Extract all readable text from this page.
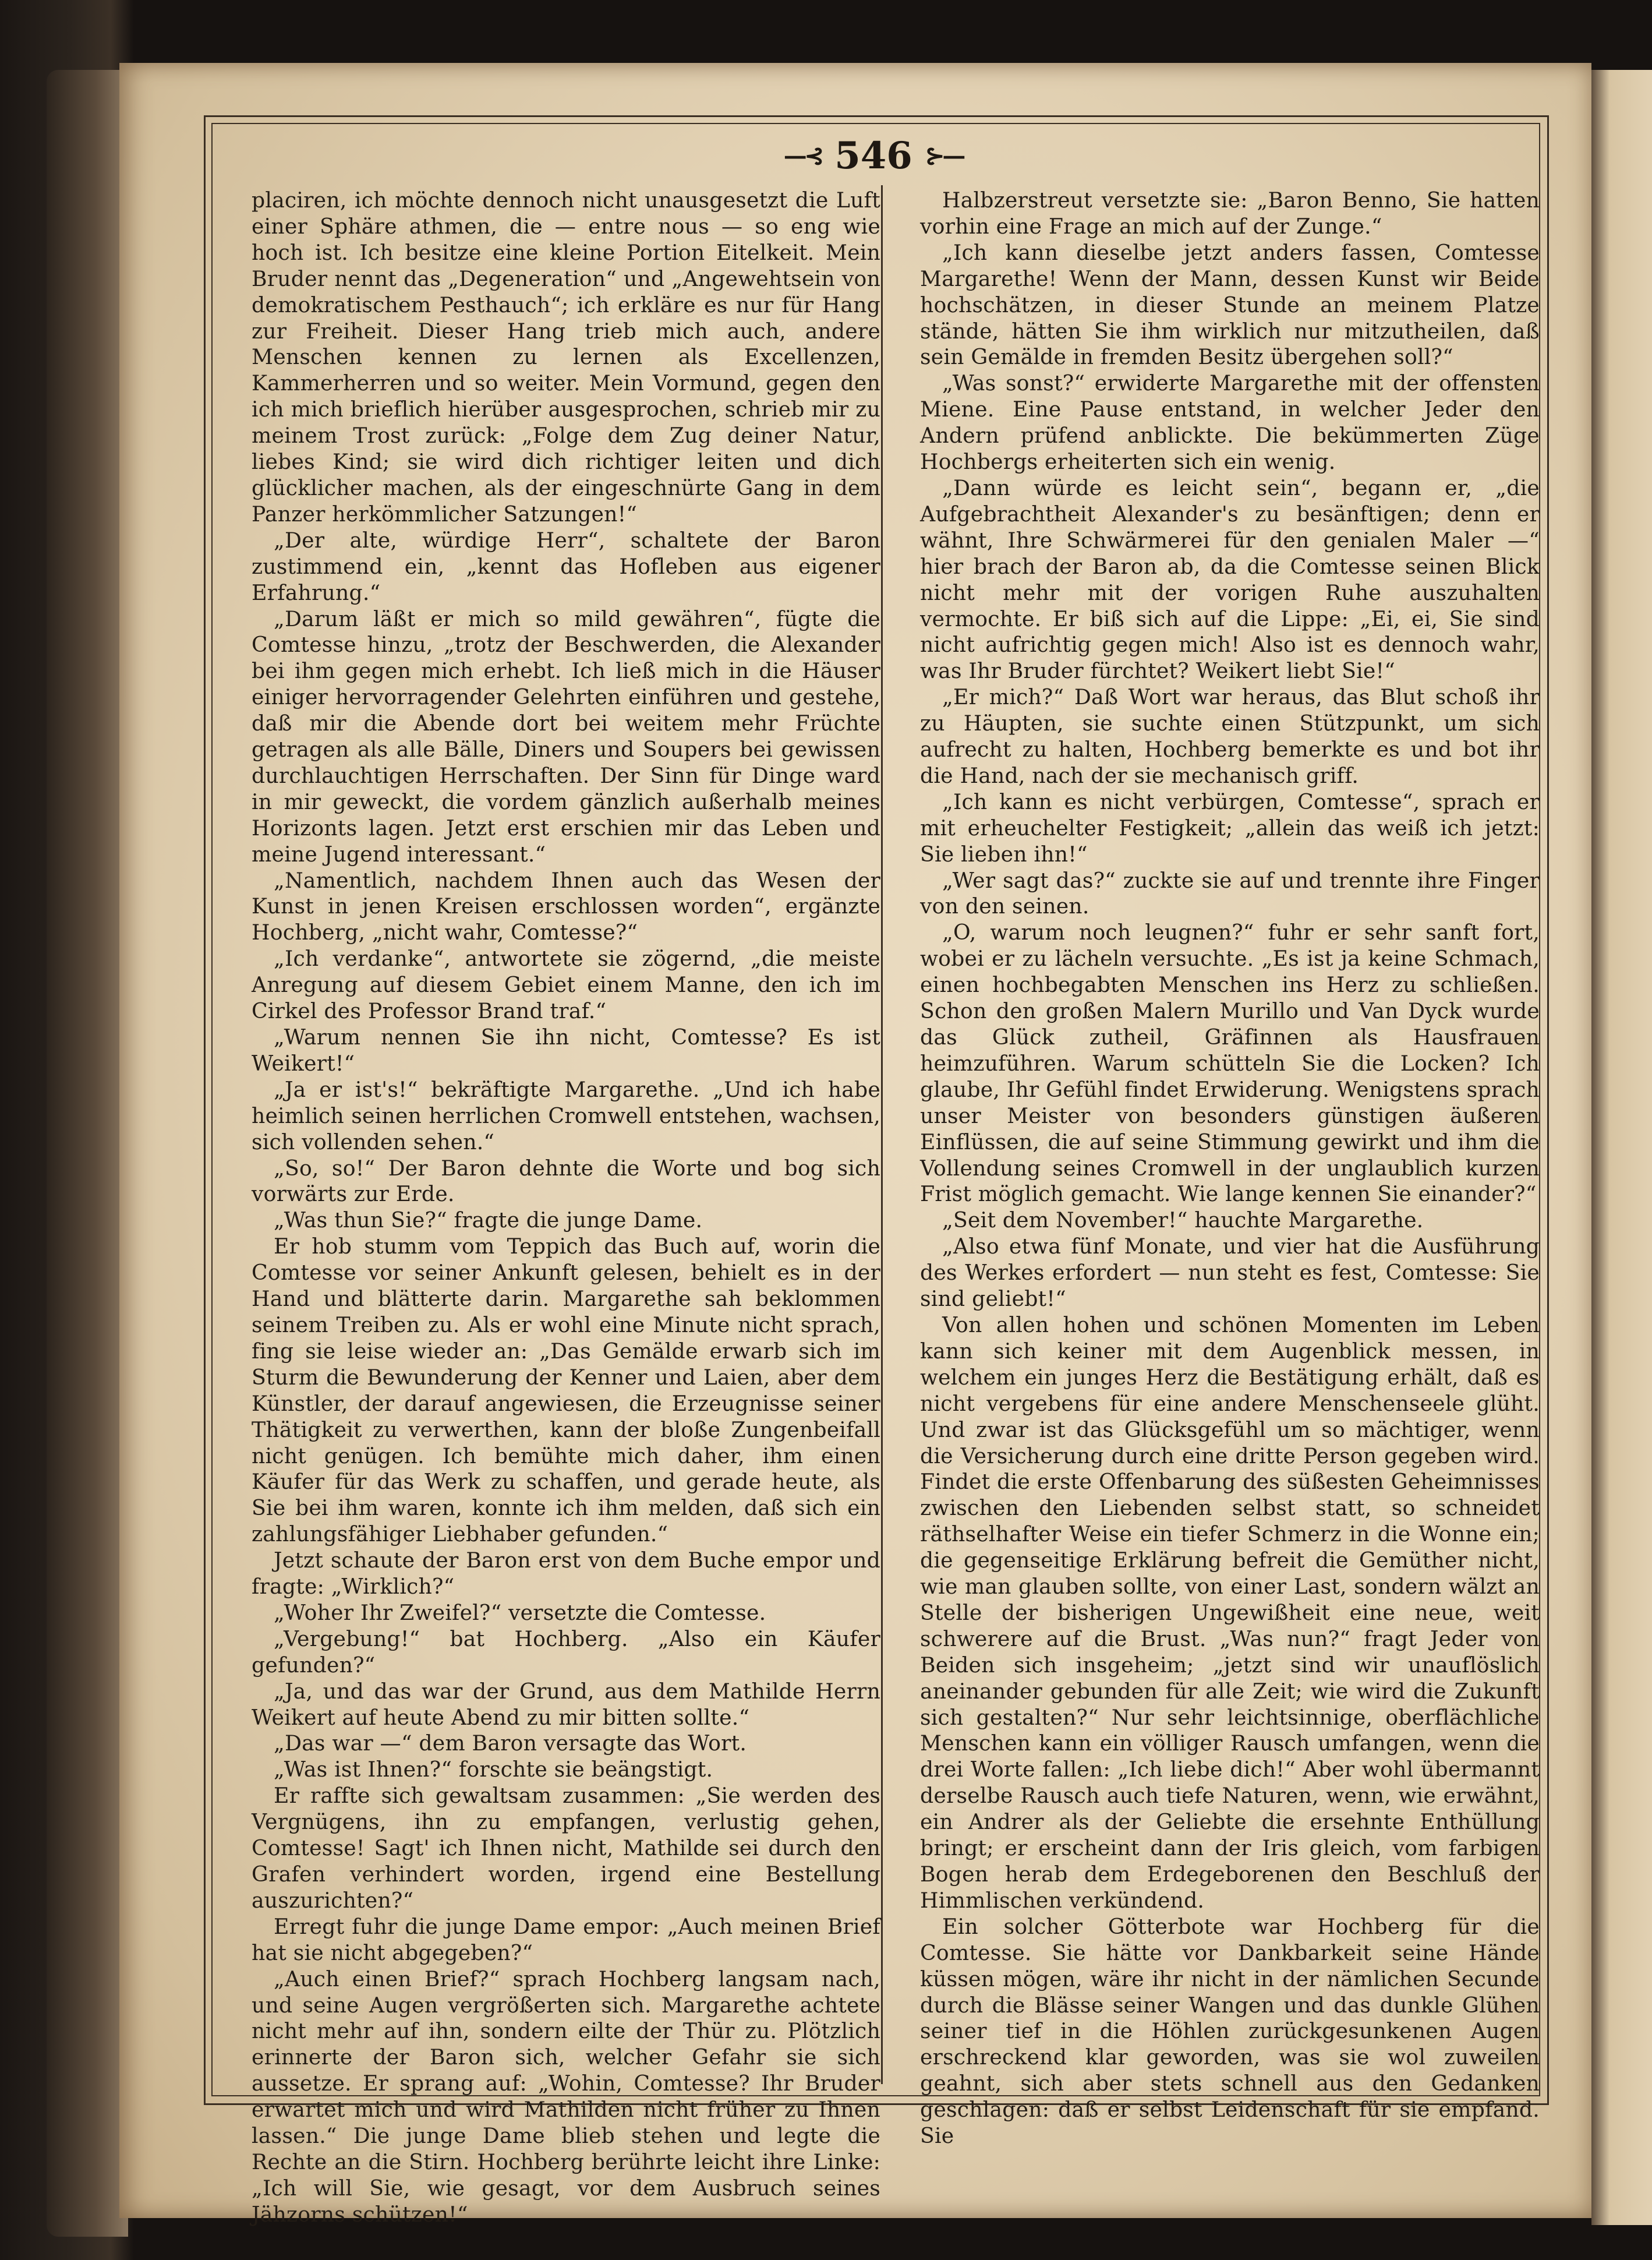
—⊰ 546 ⊱—

placiren, ich möchte dennoch nicht unausgesetzt die Luft einer Sphäre athmen, die — entre nous — so eng wie hoch ist. Ich besitze eine kleine Portion Eitelkeit. Mein Bruder nennt das „Degeneration“ und „Angewehtsein von demokratischem Pesthauch“; ich erkläre es nur für Hang zur Freiheit. Dieser Hang trieb mich auch, andere Menschen kennen zu lernen als Excellenzen, Kammerherren und so weiter. Mein Vormund, gegen den ich mich brieflich hierüber ausgesprochen, schrieb mir zu meinem Trost zurück: „Folge dem Zug deiner Natur, liebes Kind; sie wird dich richtiger leiten und dich glücklicher machen, als der eingeschnürte Gang in dem Panzer herkömmlicher Satzungen!“

„Der alte, würdige Herr“, schaltete der Baron zustimmend ein, „kennt das Hofleben aus eigener Erfahrung.“

„Darum läßt er mich so mild gewähren“, fügte die Comtesse hinzu, „trotz der Beschwerden, die Alexander bei ihm gegen mich erhebt. Ich ließ mich in die Häuser einiger hervorragender Gelehrten einführen und gestehe, daß mir die Abende dort bei weitem mehr Früchte getragen als alle Bälle, Diners und Soupers bei gewissen durchlauchtigen Herrschaften. Der Sinn für Dinge ward in mir geweckt, die vordem gänzlich außerhalb meines Horizonts lagen. Jetzt erst erschien mir das Leben und meine Jugend interessant.“

„Namentlich, nachdem Ihnen auch das Wesen der Kunst in jenen Kreisen erschlossen worden“, ergänzte Hochberg, „nicht wahr, Comtesse?“

„Ich verdanke“, antwortete sie zögernd, „die meiste Anregung auf diesem Gebiet einem Manne, den ich im Cirkel des Professor Brand traf.“

„Warum nennen Sie ihn nicht, Comtesse? Es ist Weikert!“

„Ja er ist's!“ bekräftigte Margarethe. „Und ich habe heimlich seinen herrlichen Cromwell entstehen, wachsen, sich vollenden sehen.“

„So, so!“ Der Baron dehnte die Worte und bog sich vorwärts zur Erde.

„Was thun Sie?“ fragte die junge Dame.

Er hob stumm vom Teppich das Buch auf, worin die Comtesse vor seiner Ankunft gelesen, behielt es in der Hand und blätterte darin. Margarethe sah beklommen seinem Treiben zu. Als er wohl eine Minute nicht sprach, fing sie leise wieder an: „Das Gemälde erwarb sich im Sturm die Bewunderung der Kenner und Laien, aber dem Künstler, der darauf angewiesen, die Erzeugnisse seiner Thätigkeit zu verwerthen, kann der bloße Zungenbeifall nicht genügen. Ich bemühte mich daher, ihm einen Käufer für das Werk zu schaffen, und gerade heute, als Sie bei ihm waren, konnte ich ihm melden, daß sich ein zahlungsfähiger Liebhaber gefunden.“

Jetzt schaute der Baron erst von dem Buche empor und fragte: „Wirklich?“

„Woher Ihr Zweifel?“ versetzte die Comtesse.

„Vergebung!“ bat Hochberg. „Also ein Käufer gefunden?“

„Ja, und das war der Grund, aus dem Mathilde Herrn Weikert auf heute Abend zu mir bitten sollte.“

„Das war —“ dem Baron versagte das Wort.

„Was ist Ihnen?“ forschte sie beängstigt.

Er raffte sich gewaltsam zusammen: „Sie werden des Vergnügens, ihn zu empfangen, verlustig gehen, Comtesse! Sagt' ich Ihnen nicht, Mathilde sei durch den Grafen verhindert worden, irgend eine Bestellung auszurichten?“

Erregt fuhr die junge Dame empor: „Auch meinen Brief hat sie nicht abgegeben?“

„Auch einen Brief?“ sprach Hochberg langsam nach, und seine Augen vergrößerten sich. Margarethe achtete nicht mehr auf ihn, sondern eilte der Thür zu. Plötzlich erinnerte der Baron sich, welcher Gefahr sie sich aussetze. Er sprang auf: „Wohin, Comtesse? Ihr Bruder erwartet mich und wird Mathilden nicht früher zu Ihnen lassen.“ Die junge Dame blieb stehen und legte die Rechte an die Stirn. Hochberg berührte leicht ihre Linke: „Ich will Sie, wie gesagt, vor dem Ausbruch seines Jähzorns schützen!“

Halbzerstreut versetzte sie: „Baron Benno, Sie hatten vorhin eine Frage an mich auf der Zunge.“

„Ich kann dieselbe jetzt anders fassen, Comtesse Margarethe! Wenn der Mann, dessen Kunst wir Beide hochschätzen, in dieser Stunde an meinem Platze stände, hätten Sie ihm wirklich nur mitzutheilen, daß sein Gemälde in fremden Besitz übergehen soll?“

„Was sonst?“ erwiderte Margarethe mit der offensten Miene. Eine Pause entstand, in welcher Jeder den Andern prüfend anblickte. Die bekümmerten Züge Hochbergs erheiterten sich ein wenig.

„Dann würde es leicht sein“, begann er, „die Aufgebrachtheit Alexander's zu besänftigen; denn er wähnt, Ihre Schwärmerei für den genialen Maler —“ hier brach der Baron ab, da die Comtesse seinen Blick nicht mehr mit der vorigen Ruhe auszuhalten vermochte. Er biß sich auf die Lippe: „Ei, ei, Sie sind nicht aufrichtig gegen mich! Also ist es dennoch wahr, was Ihr Bruder fürchtet? Weikert liebt Sie!“

„Er mich?“ Daß Wort war heraus, das Blut schoß ihr zu Häupten, sie suchte einen Stützpunkt, um sich aufrecht zu halten, Hochberg bemerkte es und bot ihr die Hand, nach der sie mechanisch griff.

„Ich kann es nicht verbürgen, Comtesse“, sprach er mit erheuchelter Festigkeit; „allein das weiß ich jetzt: Sie lieben ihn!“

„Wer sagt das?“ zuckte sie auf und trennte ihre Finger von den seinen.

„O, warum noch leugnen?“ fuhr er sehr sanft fort, wobei er zu lächeln versuchte. „Es ist ja keine Schmach, einen hochbegabten Menschen ins Herz zu schließen. Schon den großen Malern Murillo und Van Dyck wurde das Glück zutheil, Gräfinnen als Hausfrauen heimzuführen. Warum schütteln Sie die Locken? Ich glaube, Ihr Gefühl findet Erwiderung. Wenigstens sprach unser Meister von besonders günstigen äußeren Einflüssen, die auf seine Stimmung gewirkt und ihm die Vollendung seines Cromwell in der unglaublich kurzen Frist möglich gemacht. Wie lange kennen Sie einander?“

„Seit dem November!“ hauchte Margarethe.

„Also etwa fünf Monate, und vier hat die Ausführung des Werkes erfordert — nun steht es fest, Comtesse: Sie sind geliebt!“

Von allen hohen und schönen Momenten im Leben kann sich keiner mit dem Augenblick messen, in welchem ein junges Herz die Bestätigung erhält, daß es nicht vergebens für eine andere Menschenseele glüht. Und zwar ist das Glücksgefühl um so mächtiger, wenn die Versicherung durch eine dritte Person gegeben wird. Findet die erste Offenbarung des süßesten Geheimnisses zwischen den Liebenden selbst statt, so schneidet räthselhafter Weise ein tiefer Schmerz in die Wonne ein; die gegenseitige Erklärung befreit die Gemüther nicht, wie man glauben sollte, von einer Last, sondern wälzt an Stelle der bisherigen Ungewißheit eine neue, weit schwerere auf die Brust. „Was nun?“ fragt Jeder von Beiden sich insgeheim; „jetzt sind wir unauflöslich aneinander gebunden für alle Zeit; wie wird die Zukunft sich gestalten?“ Nur sehr leichtsinnige, oberflächliche Menschen kann ein völliger Rausch umfangen, wenn die drei Worte fallen: „Ich liebe dich!“ Aber wohl übermannt derselbe Rausch auch tiefe Naturen, wenn, wie erwähnt, ein Andrer als der Geliebte die ersehnte Enthüllung bringt; er erscheint dann der Iris gleich, vom farbigen Bogen herab dem Erdegeborenen den Beschluß der Himmlischen verkündend.

Ein solcher Götterbote war Hochberg für die Comtesse. Sie hätte vor Dankbarkeit seine Hände küssen mögen, wäre ihr nicht in der nämlichen Secunde durch die Blässe seiner Wangen und das dunkle Glühen seiner tief in die Höhlen zurückgesunkenen Augen erschreckend klar geworden, was sie wol zuweilen geahnt, sich aber stets schnell aus den Gedanken geschlagen: daß er selbst Leidenschaft für sie empfand. Sie
